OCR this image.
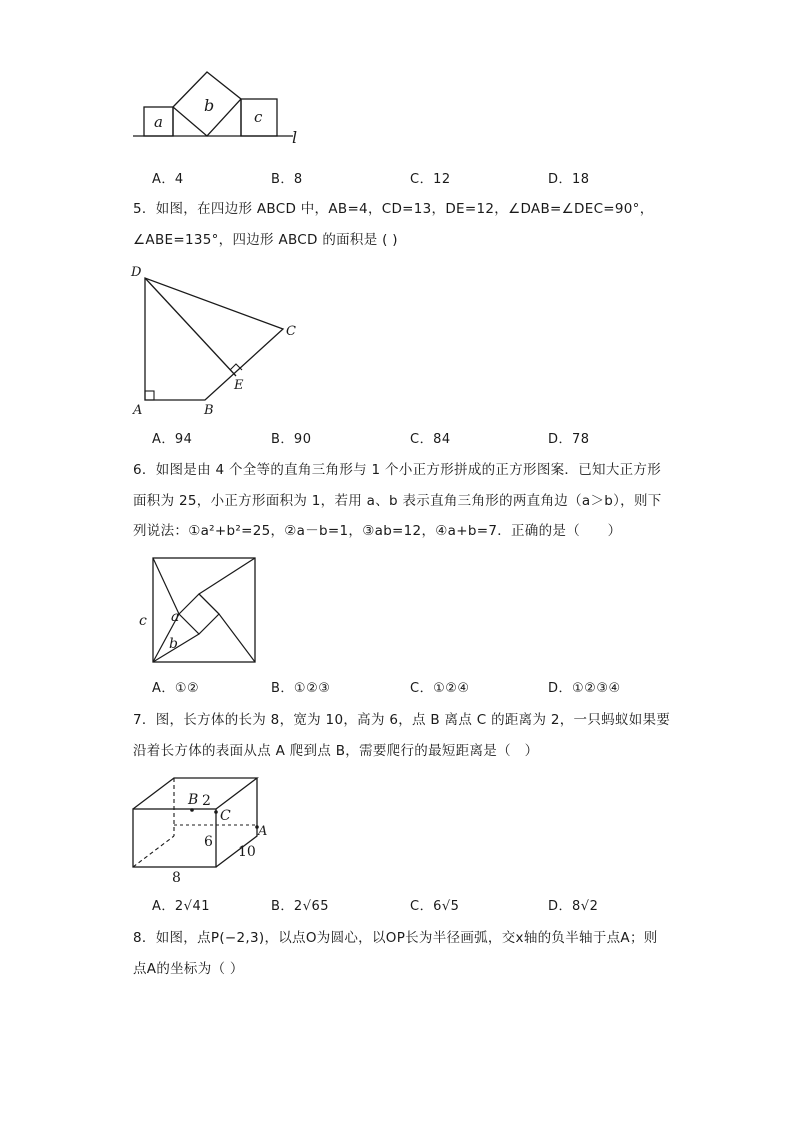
a
b
c
l
A．4	B．8	C．12	D．18
5．如图，在四边形 ABCD 中，AB=4，CD=13，DE=12，∠DAB=∠DEC=90°，
∠ABE=135°，四边形 ABCD 的面积是 ( )
D
C
E
A	B
A．94	B．90	C．84	D．78
6．如图是由 4 个全等的直角三角形与 1 个小正方形拼成的正方形图案．已知大正方形
面积为 25，小正方形面积为 1，若用 a、b 表示直角三角形的两直角边（a＞b），则下
列说法：①a²+b²=25，②a－b=1，③ab=12，④a+b=7．正确的是（　　）
a
b
c
A．①②	B．①②③	C．①②④	D．①②③④
7．图，长方体的长为 8，宽为 10，高为 6，点 B 离点 C 的距离为 2，一只蚂蚁如果要
沿着长方体的表面从点 A 爬到点 B，需要爬行的最短距离是（　）
B 2
C
A
6
10
8
A．2√41	B．2√65	C．6√5	D．8√2
8．如图，点P(−2,3)，以点O为圆心，以OP长为半径画弧，交x轴的负半轴于点A；则
点A的坐标为（ ）
